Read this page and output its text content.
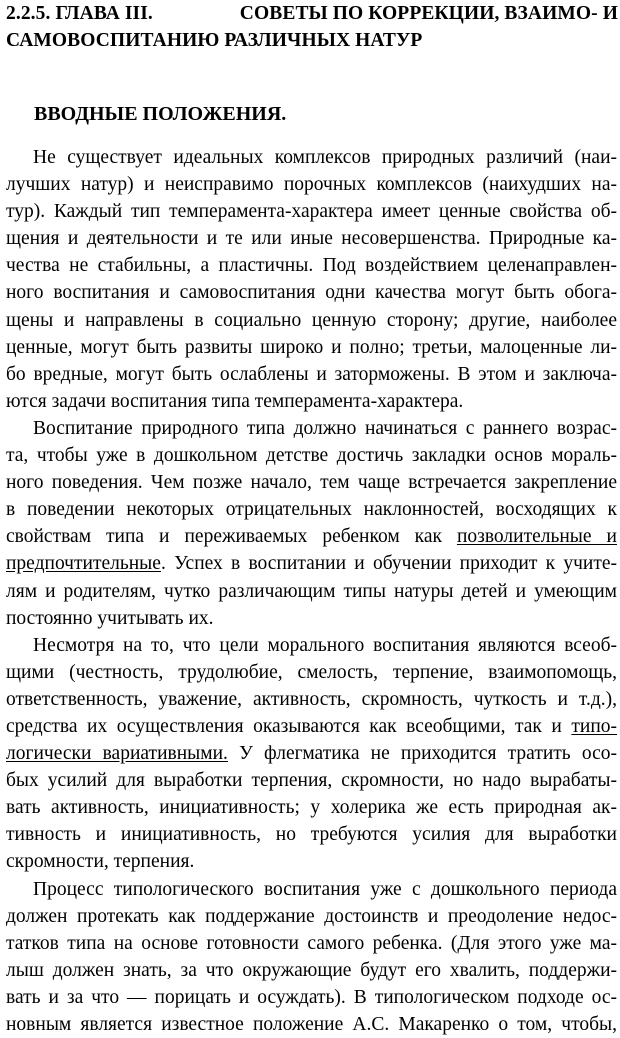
2.2.5. ГЛАВА III.	СОВЕТЫ ПО КОРРЕКЦИИ, ВЗАИМО- И
САМОВОСПИТАНИЮ РАЗЛИЧНЫХ НАТУР
ВВОДНЫЕ ПОЛОЖЕНИЯ.
Не существует идеальных комплексов природных различий (наи-
лучших натур) и неисправимо порочных комплексов (наихудших на-
тур). Каждый тип темперамента-характера имеет ценные свойства об-
щения и деятельности и те или иные несовершенства. Природные ка-
чества не стабильны, а пластичны. Под воздействием целенаправлен-
ного воспитания и самовоспитания одни качества могут быть обога-
щены и направлены в социально ценную сторону; другие, наиболее
ценные, могут быть развиты широко и полно; третьи, малоценные ли-
бо вредные, могут быть ослаблены и заторможены. В этом и заключа-
ются задачи воспитания типа темперамента-характера.
Воспитание природного типа должно начинаться с раннего возрас-
та, чтобы уже в дошкольном детстве достичь закладки основ мораль-
ного поведения. Чем позже начало, тем чаще встречается закрепление
в поведении некоторых отрицательных наклонностей, восходящих к
свойствам типа и переживаемых ребенком как позволительные и
предпочтительные. Успех в воспитании и обучении приходит к учите-
лям и родителям, чутко различающим типы натуры детей и умеющим
постоянно учитывать их.
Несмотря на то, что цели морального воспитания являются всеоб-
щими (честность, трудолюбие, смелость, терпение, взаимопомощь,
ответственность, уважение, активность, скромность, чуткость и т.д.),
средства их осуществления оказываются как всеобщими, так и типо-
логически вариативными. У флегматика не приходится тратить осо-
бых усилий для выработки терпения, скромности, но надо вырабаты-
вать активность, инициативность; у холерика же есть природная ак-
тивность и инициативность, но требуются усилия для выработки
скромности, терпения.
Процесс типологического воспитания уже с дошкольного периода
должен протекать как поддержание достоинств и преодоление недос-
татков типа на основе готовности самого ребенка. (Для этого уже ма-
лыш должен знать, за что окружающие будут его хвалить, поддержи-
вать и за что — порицать и осуждать). В типологическом подходе ос-
новным является известное положение А.С. Макаренко о том, чтобы,
